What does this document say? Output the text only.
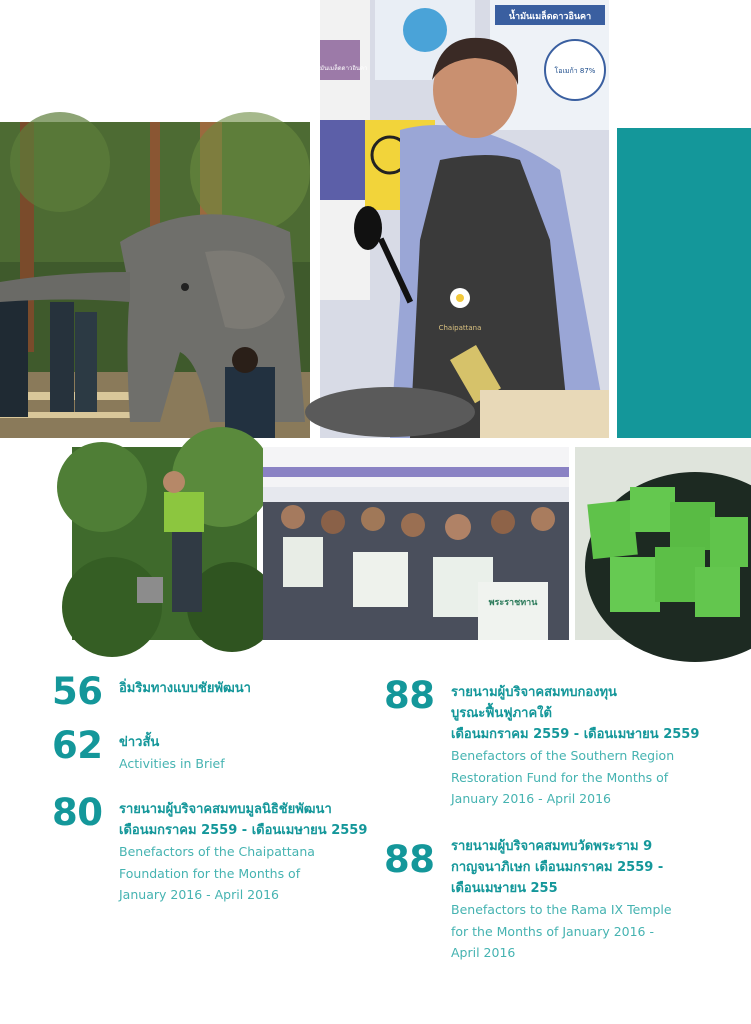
น้ำมันเมล็ดดาวอินคา
โอเมก้า 87%
น้ำมันเมล็ดดาวอินคา
Chaipattana
พระราชทาน
56 อิ่มริมทางแบบชัยพัฒนา

62 ข่าวสั้น

Activities in Brief

80 รายนามผู้บริจาคสมทบมูลนิธิชัยพัฒนา

เดือนมกราคม 2559 - เดือนเมษายน 2559

Benefactors of the Chaipattana

Foundation for the Months of

January 2016 - April 2016

88 รายนามผู้บริจาคสมทบกองทุน

บูรณะฟื้นฟูภาคใต้

เดือนมกราคม 2559 - เดือนเมษายน 2559

Benefactors of the Southern Region

Restoration Fund for the Months of

January 2016 - April 2016

88 รายนามผู้บริจาคสมทบวัดพระราม 9

กาญจนาภิเษก เดือนมกราคม 2559 -

เดือนเมษายน 255

Benefactors to the Rama IX Temple

for the Months of January 2016 -

April 2016
